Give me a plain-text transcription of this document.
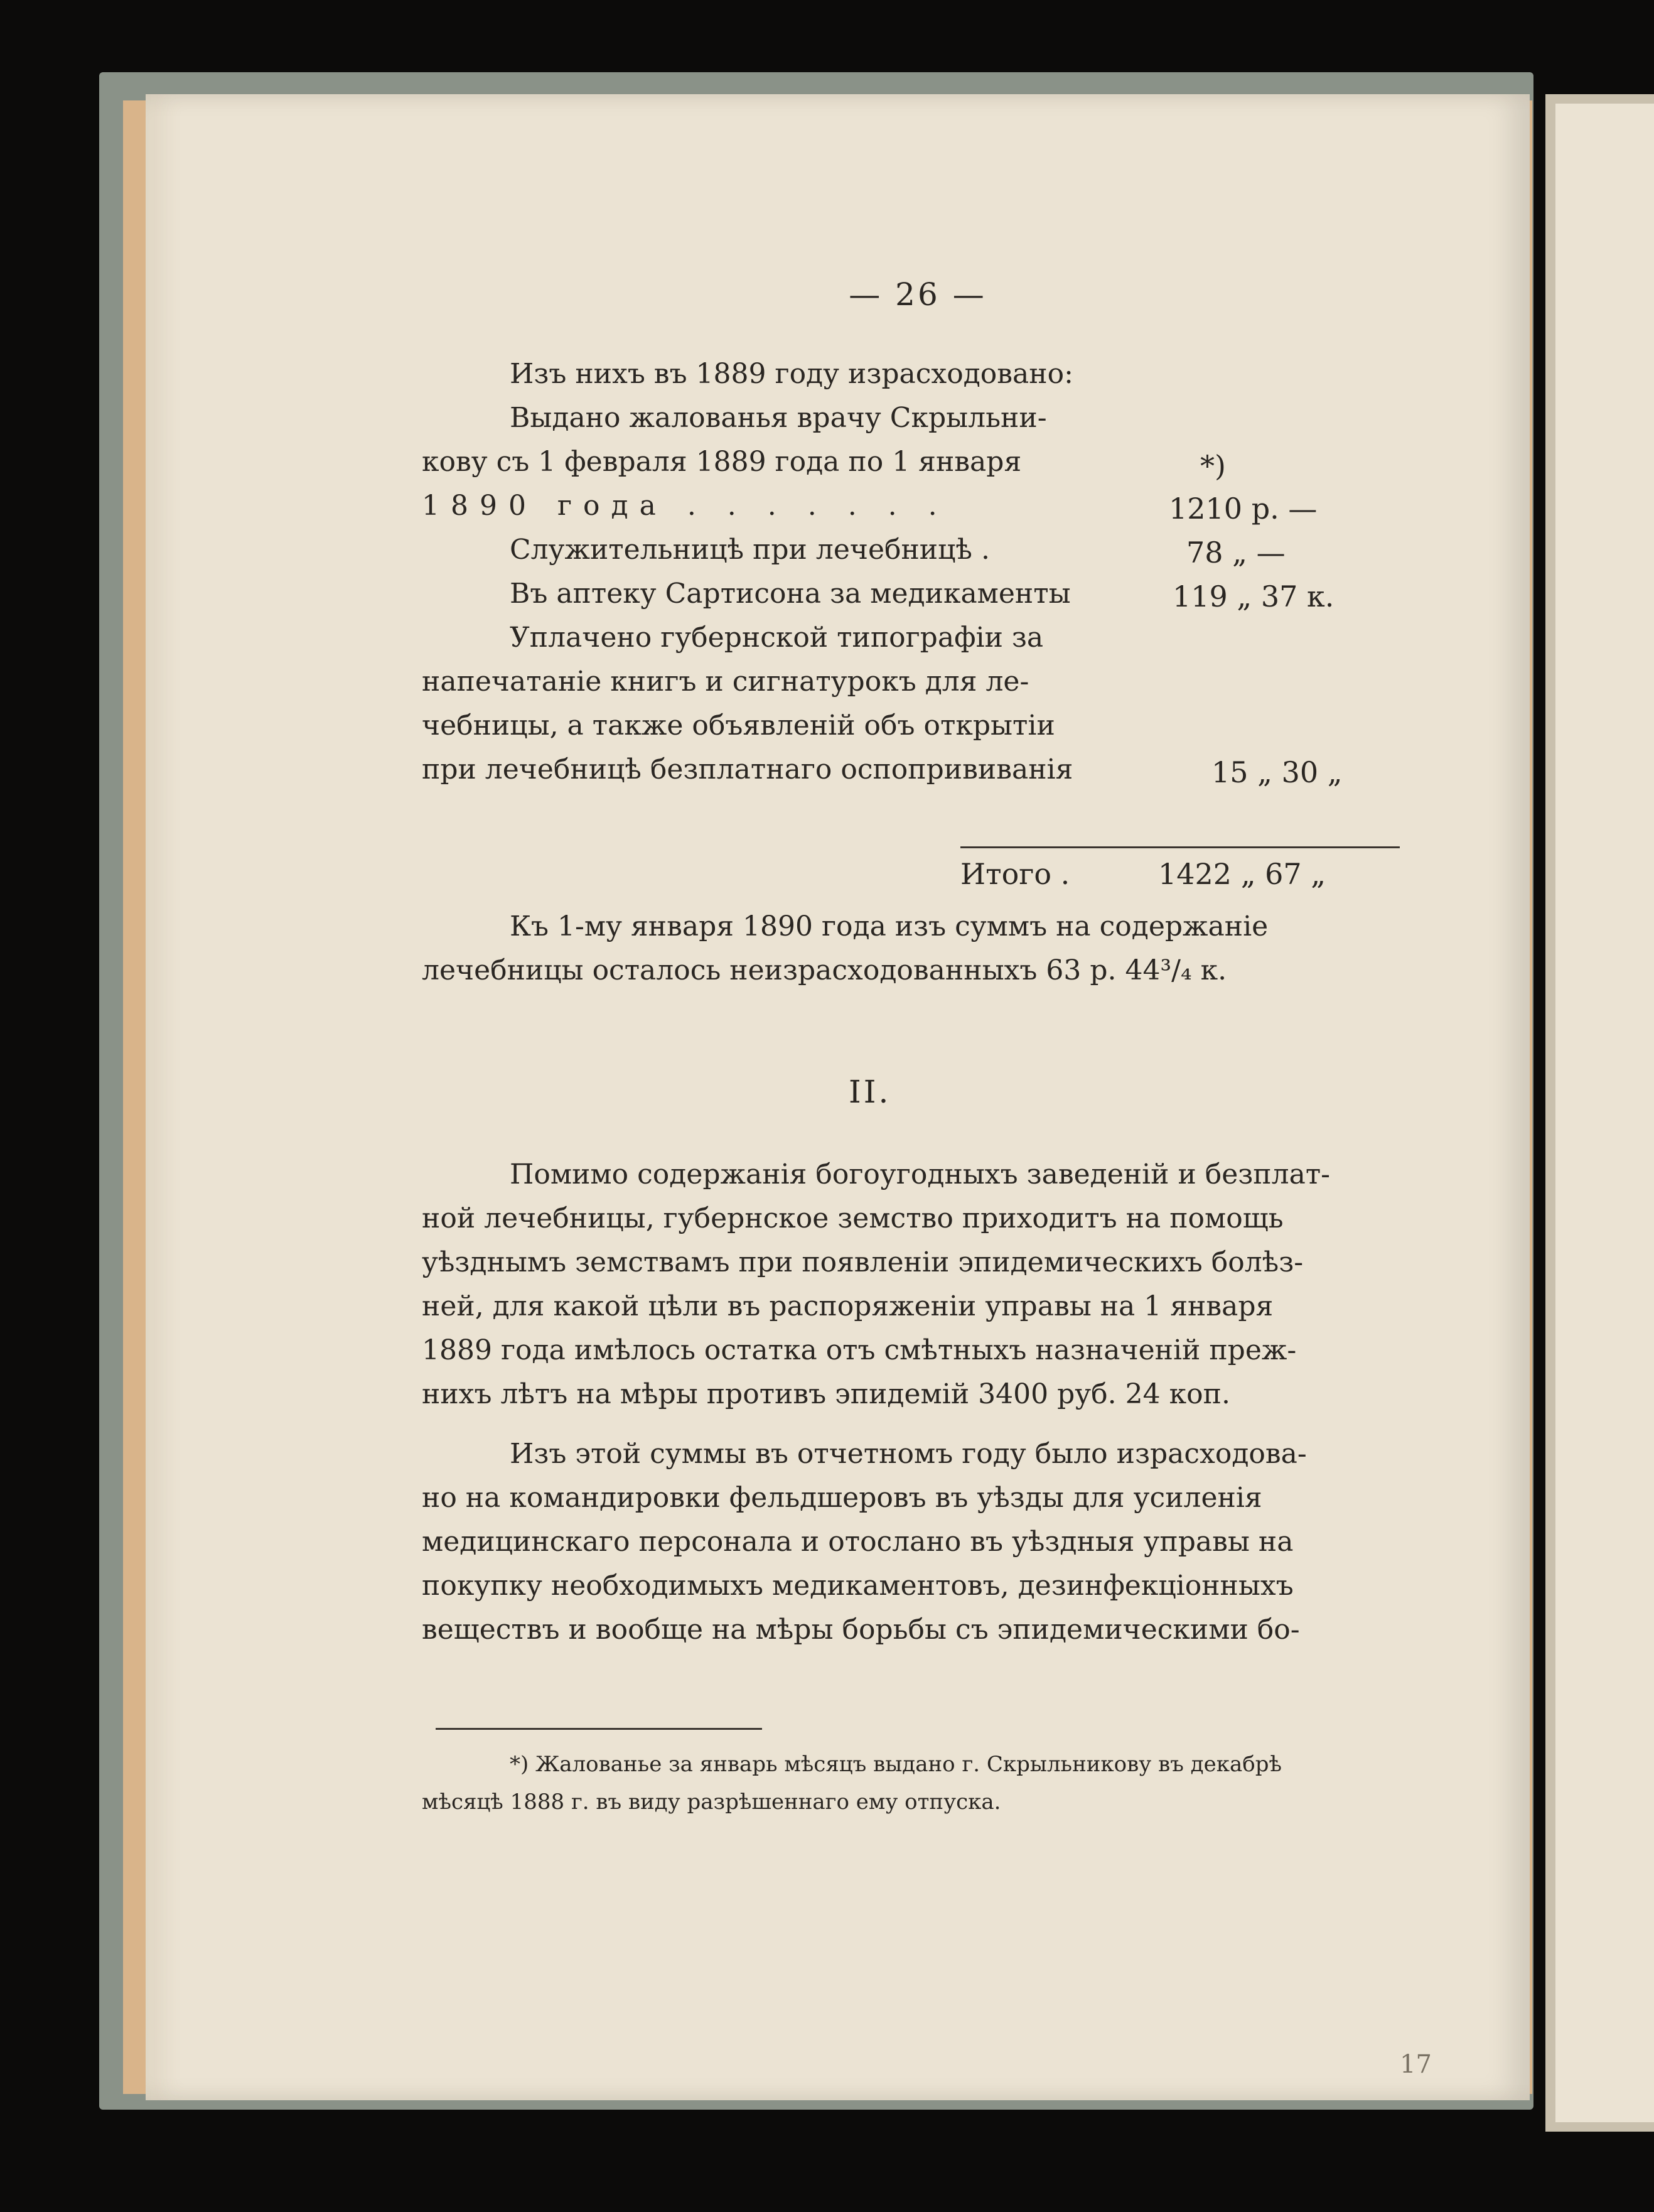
— 26 —
Изъ нихъ въ 1889 году израсходовано:
Выдано жалованья врачу Скрыльни-
кову съ 1 февраля 1889 года по 1 января	*)
1890 года . . . . . . .	1210 р. —
Служительницѣ при лечебницѣ .	78 „ —
Въ аптеку Сартисона за медикаменты	119 „ 37 к.
Уплачено губернской типографіи за
напечатаніе книгъ и сигнатурокъ для ле-
чебницы, а также объявленій объ открытіи
при лечебницѣ безплатнаго оспопрививанія	15 „ 30 „
Итого .	1422 „ 67 „
Къ 1-му января 1890 года изъ суммъ на содержаніе
лечебницы осталось неизрасходованныхъ 63 р. 44³/₄ к.
II.
Помимо содержанія богоугодныхъ заведеній и безплат-
ной лечебницы, губернское земство приходитъ на помощь
уѣзднымъ земствамъ при появленіи эпидемическихъ болѣз-
ней, для какой цѣли въ распоряженіи управы на 1 января
1889 года имѣлось остатка отъ смѣтныхъ назначеній преж-
нихъ лѣтъ на мѣры противъ эпидемій 3400 руб. 24 коп.
Изъ этой суммы въ отчетномъ году было израсходова-
но на командировки фельдшеровъ въ уѣзды для усиленія
медицинскаго персонала и отослано въ уѣздныя управы на
покупку необходимыхъ медикаментовъ, дезинфекціонныхъ
веществъ и вообще на мѣры борьбы съ эпидемическими бо-
*) Жалованье за январь мѣсяцъ выдано г. Скрыльникову въ декабрѣ
мѣсяцѣ 1888 г. въ виду разрѣшеннаго ему отпуска.
17
